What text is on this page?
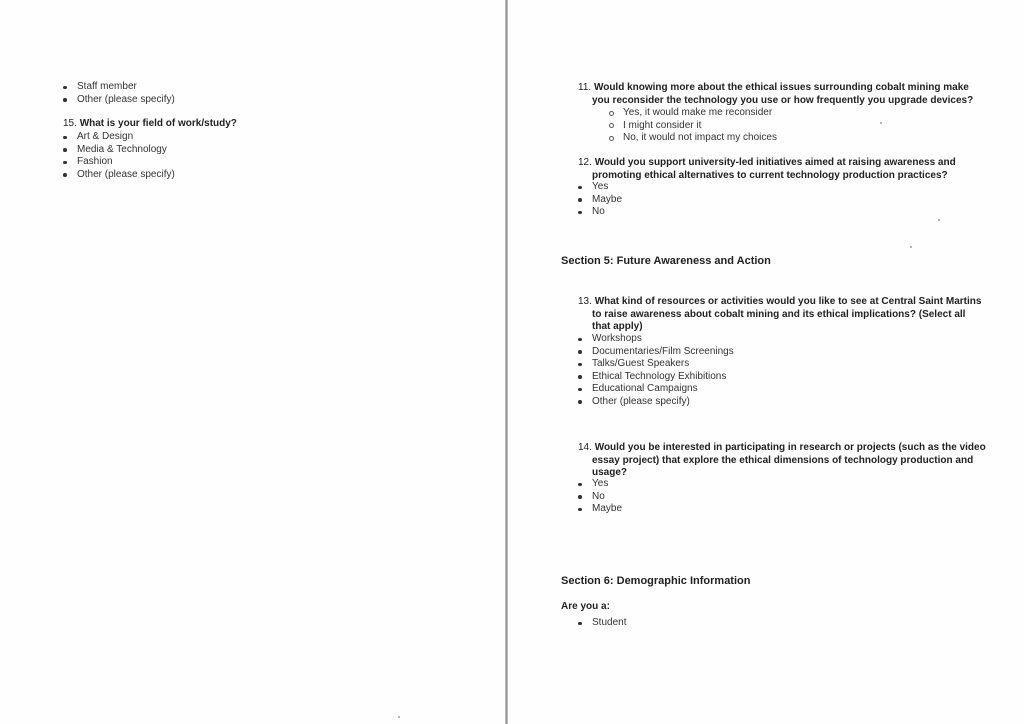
Staff member
Other (please specify)
15. What is your field of work/study?
Art & Design
Media & Technology
Fashion
Other (please specify)
11. Would knowing more about the ethical issues surrounding cobalt mining make
you reconsider the technology you use or how frequently you upgrade devices?
Yes, it would make me reconsider
I might consider it
No, it would not impact my choices
12. Would you support university-led initiatives aimed at raising awareness and
promoting ethical alternatives to current technology production practices?
Yes
Maybe
No
Section 5: Future Awareness and Action
13. What kind of resources or activities would you like to see at Central Saint Martins
to raise awareness about cobalt mining and its ethical implications? (Select all
that apply)
Workshops
Documentaries/Film Screenings
Talks/Guest Speakers
Ethical Technology Exhibitions
Educational Campaigns
Other (please specify)
14. Would you be interested in participating in research or projects (such as the video
essay project) that explore the ethical dimensions of technology production and
usage?
Yes
No
Maybe
Section 6: Demographic Information
Are you a:
Student
